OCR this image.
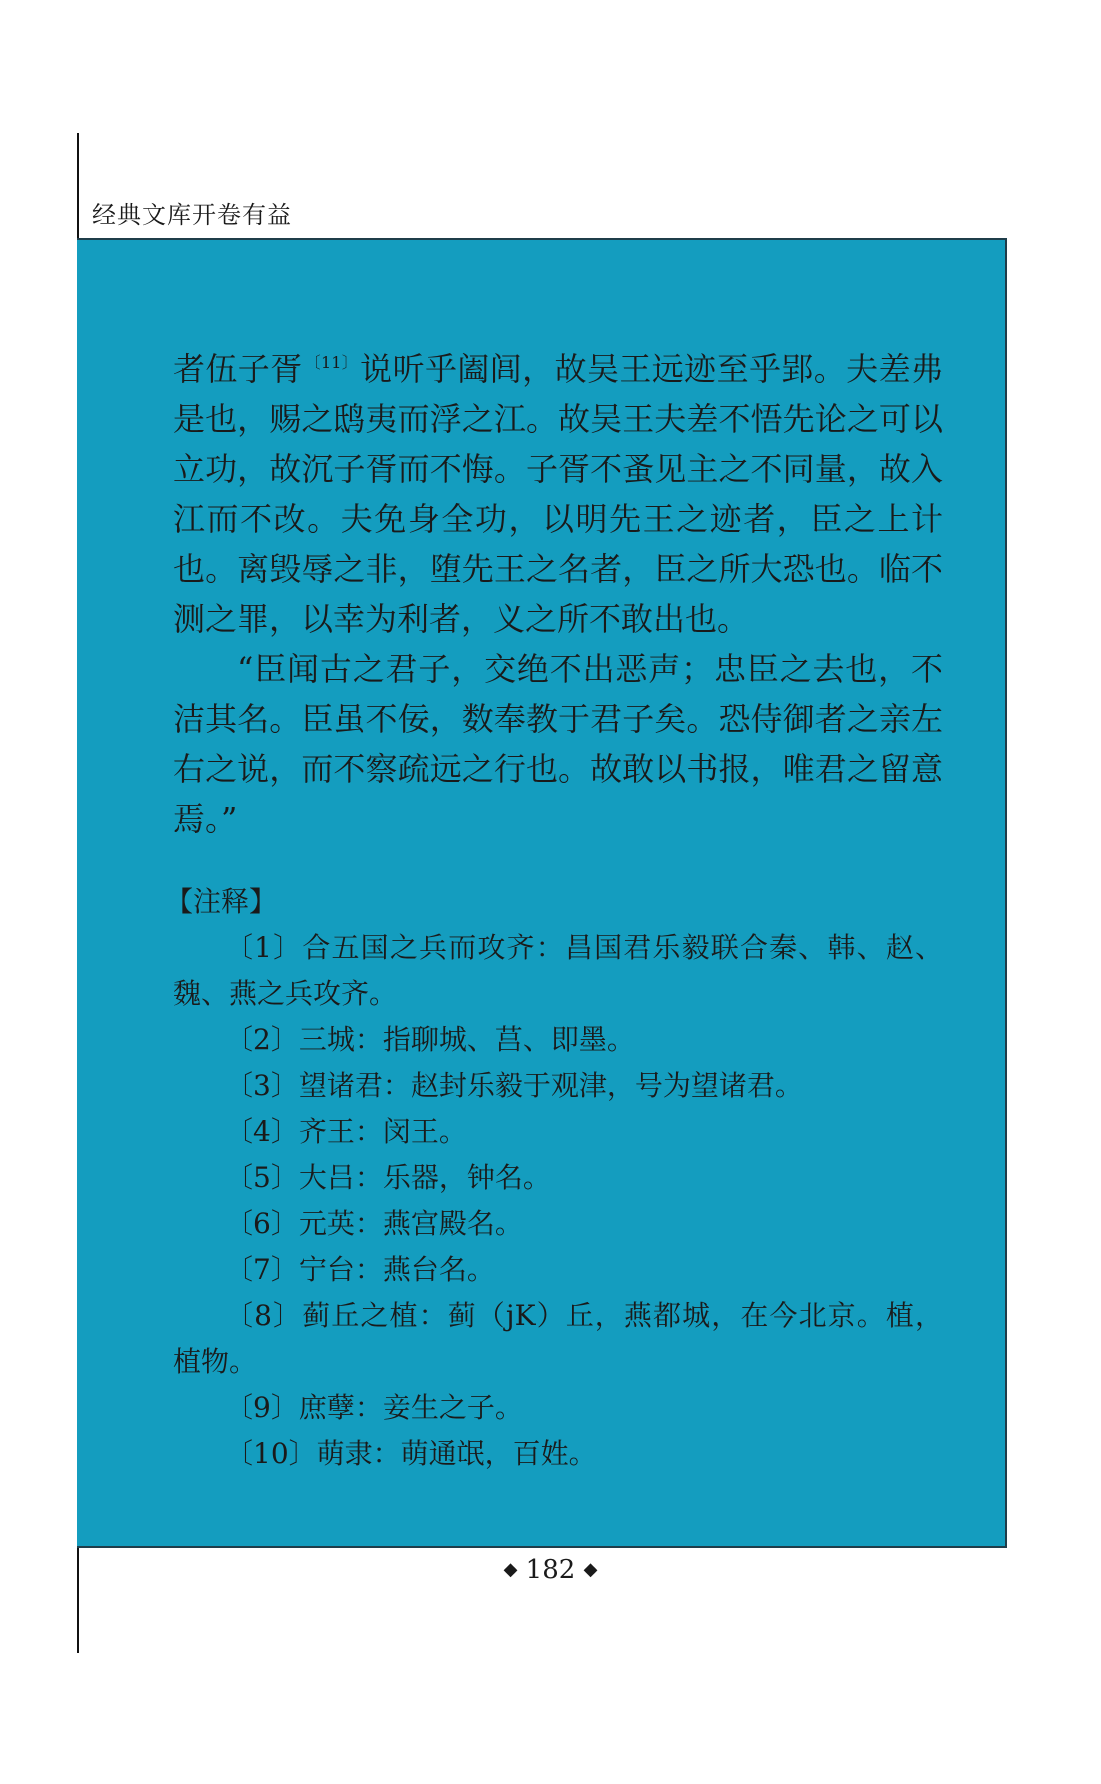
经典文库开卷有益

者伍子胥 $^{〔11〕}$说听乎阖闾，故吴王远迹至乎郢。夫差弗是也，赐之鸱夷而浮之江。故吴王夫差不悟先论之可以立功，故沉子胥而不悔。子胥不蚤见主之不同量，故入江而不改。夫免身全功，以明先王之迹者，臣之上计也。离毁辱之非，堕先王之名者，臣之所大恐也。临不测之罪，以幸为利者，义之所不敢出也。

“臣闻古之君子，交绝不出恶声；忠臣之去也，不洁其名。臣虽不佞，数奉教于君子矣。恐侍御者之亲左右之说，而不察疏远之行也。故敢以书报，唯君之留意焉。”

【注释】

〔1〕合五国之兵而攻齐：昌国君乐毅联合秦、韩、赵、魏、燕之兵攻齐。

〔2〕三城：指聊城、莒、即墨。

〔3〕望诸君：赵封乐毅于观津，号为望诸君。

〔4〕齐王：闵王。

〔5〕大吕：乐器，钟名。

〔6〕元英：燕宫殿名。

〔7〕宁台：燕台名。

〔8〕蓟丘之植：蓟（jK）丘，燕都城，在今北京。植，植物。

〔9〕庶孽：妾生之子。

〔10〕萌隶：萌通氓，百姓。

◆ 182 ◆
